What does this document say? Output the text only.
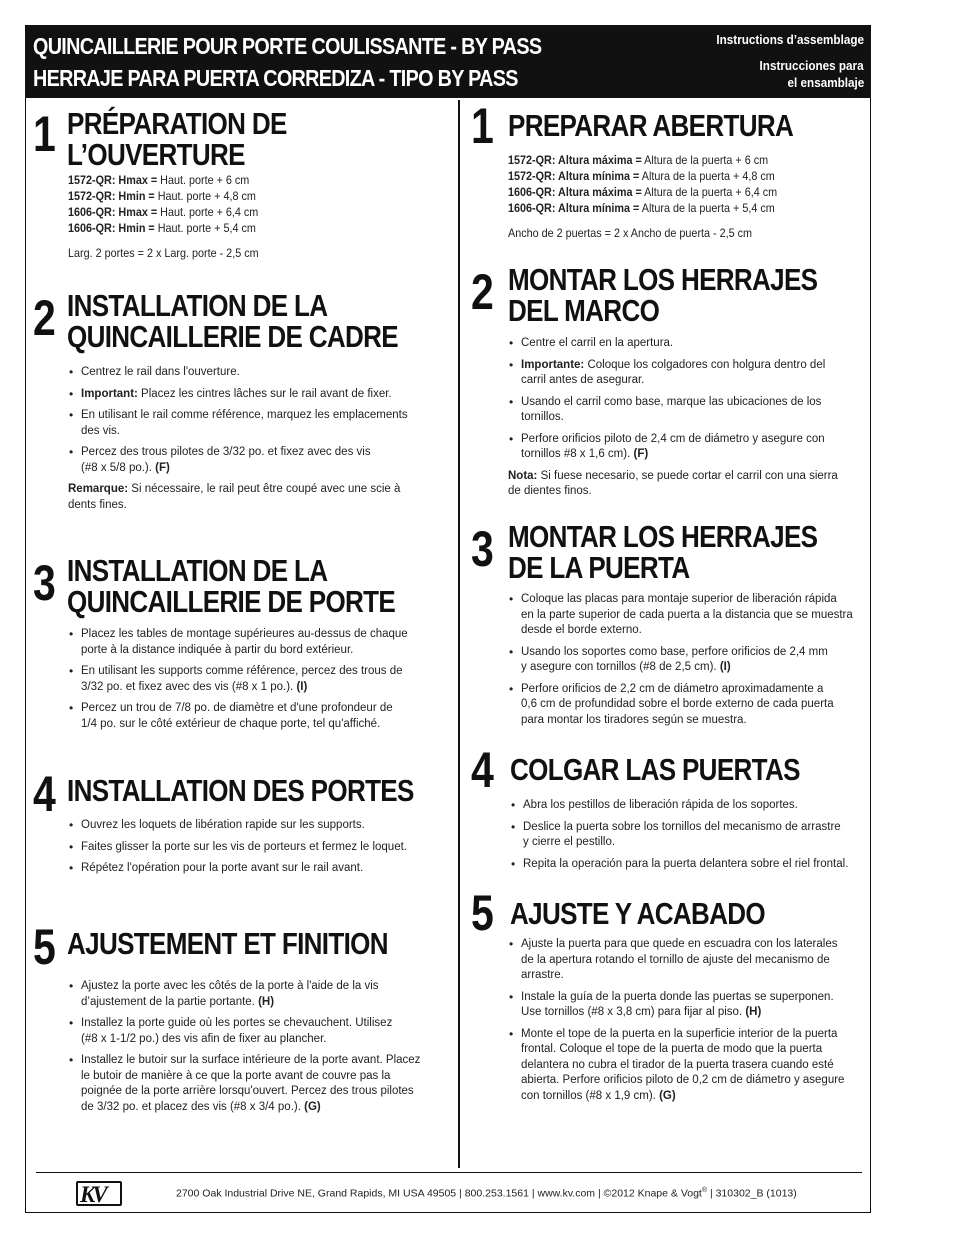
QUINCAILLERIE POUR PORTE COULISSANTE - BY PASS
HERRAJE PARA PUERTA CORREDIZA - TIPO BY PASS
Instructions d’assemblage
Instrucciones para
el ensamblaje
1 PRÉPARATION DE
L’OUVERTURE
1572-QR: Hmax = Haut. porte + 6 cm
1572-QR: Hmin = Haut. porte + 4,8 cm
1606-QR: Hmax = Haut. porte + 6,4 cm
1606-QR: Hmin = Haut. porte + 5,4 cm
Larg. 2 portes = 2 x Larg. porte - 2,5 cm
2 INSTALLATION DE LA
QUINCAILLERIE DE CADRE
• Centrez le rail dans l'ouverture.
• Important: Placez les cintres lâches sur le rail avant de fixer.
• En utilisant le rail comme référence, marquez les emplacements
des vis.
• Percez des trous pilotes de 3/32 po. et fixez avec des vis
(#8 x 5/8 po.). (F)
Remarque: Si nécessaire, le rail peut être coupé avec une scie à
dents fines.
3 INSTALLATION DE LA
QUINCAILLERIE DE PORTE
• Placez les tables de montage supérieures au-dessus de chaque
porte à la distance indiquée à partir du bord extérieur.
• En utilisant les supports comme référence, percez des trous de
3/32 po. et fixez avec des vis (#8 x 1 po.). (I)
• Percez un trou de 7/8 po. de diamètre et d'une profondeur de
1/4 po. sur le côté extérieur de chaque porte, tel qu'affiché.
4 INSTALLATION DES PORTES
• Ouvrez les loquets de libération rapide sur les supports.
• Faites glisser la porte sur les vis de porteurs et fermez le loquet.
• Répétez l'opération pour la porte avant sur le rail avant.
5 AJUSTEMENT ET FINITION
• Ajustez la porte avec les côtés de la porte à l'aide de la vis
d’ajustement de la partie portante. (H)
• Installez la porte guide où les portes se chevauchent. Utilisez
(#8 x 1-1/2 po.) des vis afin de fixer au plancher.
• Installez le butoir sur la surface intérieure de la porte avant. Placez
le butoir de manière à ce que la porte avant de couvre pas la
poignée de la porte arrière lorsqu'ouvert. Percez des trous pilotes
de 3/32 po. et placez des vis (#8 x 3/4 po.). (G)
1 PREPARAR ABERTURA
1572-QR: Altura máxima = Altura de la puerta + 6 cm
1572-QR: Altura mínima = Altura de la puerta + 4,8 cm
1606-QR: Altura máxima = Altura de la puerta + 6,4 cm
1606-QR: Altura mínima = Altura de la puerta + 5,4 cm
Ancho de 2 puertas = 2 x Ancho de puerta - 2,5 cm
2 MONTAR LOS HERRAJES
DEL MARCO
• Centre el carril en la apertura.
• Importante: Coloque los colgadores con holgura dentro del
carril antes de asegurar.
• Usando el carril como base, marque las ubicaciones de los
tornillos.
• Perfore orificios piloto de 2,4 cm de diámetro y asegure con
tornillos #8 x 1,6 cm). (F)
Nota: Si fuese necesario, se puede cortar el carril con una sierra
de dientes finos.
3 MONTAR LOS HERRAJES
DE LA PUERTA
• Coloque las placas para montaje superior de liberación rápida
en la parte superior de cada puerta a la distancia que se muestra
desde el borde externo.
• Usando los soportes como base, perfore orificios de 2,4 mm
y asegure con tornillos (#8 de 2,5 cm). (I)
• Perfore orificios de 2,2 cm de diámetro aproximadamente a
0,6 cm de profundidad sobre el borde externo de cada puerta
para montar los tiradores según se muestra.
4 COLGAR LAS PUERTAS
• Abra los pestillos de liberación rápida de los soportes.
• Deslice la puerta sobre los tornillos del mecanismo de arrastre
y cierre el pestillo.
• Repita la operación para la puerta delantera sobre el riel frontal.
5 AJUSTE Y ACABADO
• Ajuste la puerta para que quede en escuadra con los laterales
de la apertura rotando el tornillo de ajuste del mecanismo de
arrastre.
• Instale la guía de la puerta donde las puertas se superponen.
Use tornillos (#8 x 3,8 cm) para fijar al piso. (H)
• Monte el tope de la puerta en la superficie interior de la puerta
frontal. Coloque el tope de la puerta de modo que la puerta
delantera no cubra el tirador de la puerta trasera cuando esté
abierta. Perfore orificios piloto de 0,2 cm de diámetro y asegure
con tornillos (#8 x 1,9 cm). (G)
KV	2700 Oak Industrial Drive NE, Grand Rapids, MI USA 49505 | 800.253.1561 | www.kv.com | ©2012 Knape & Vogt® | 310302_B (1013)
